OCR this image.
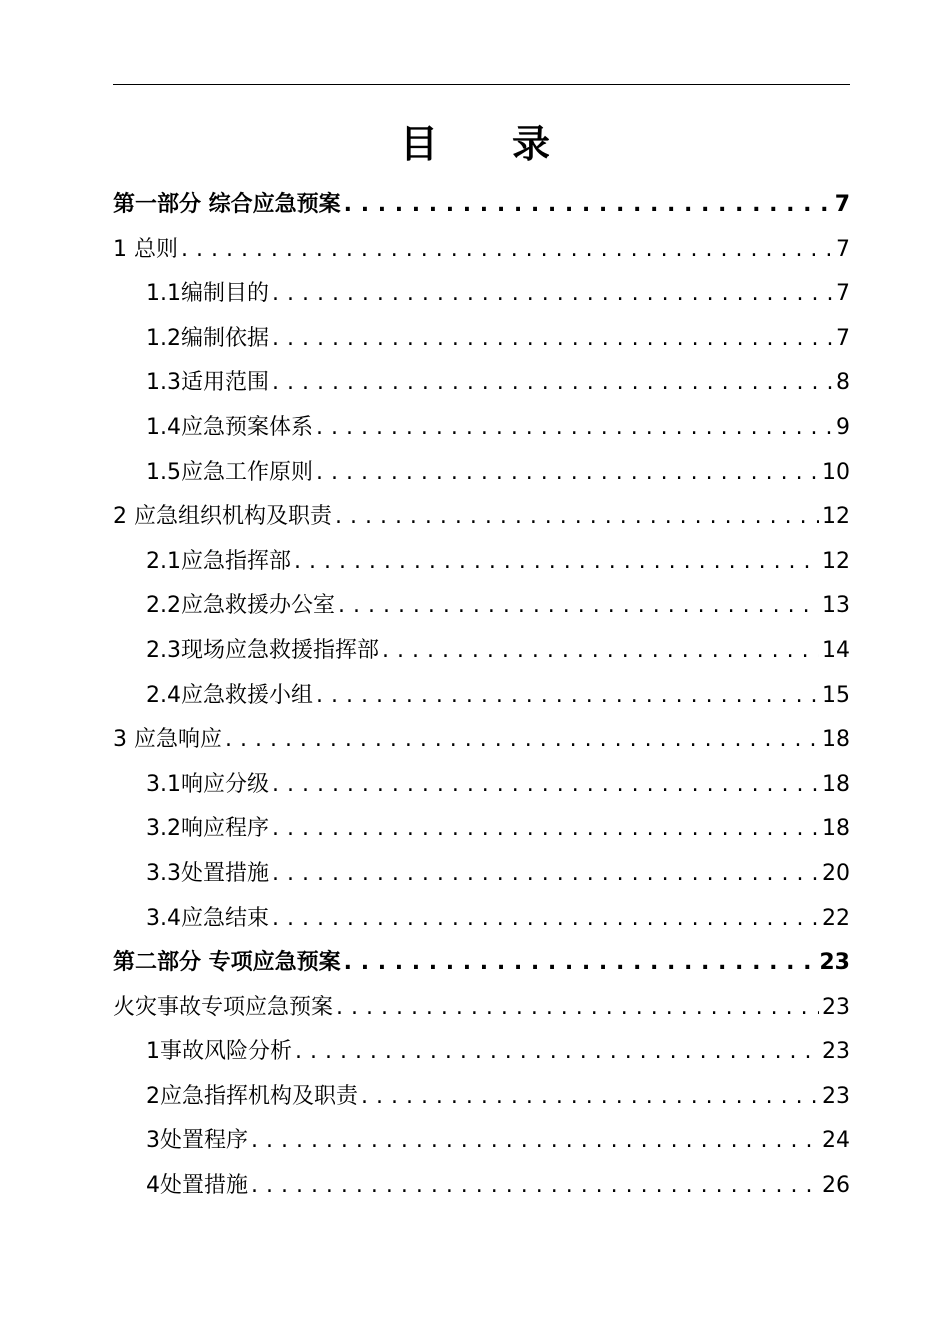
目 录
第一部分 综合应急预案 . . .	7
1 总则 . . .	7
1.1编制目的 . . .	7
1.2编制依据 . . .	7
1.3适用范围 . . .	8
1.4应急预案体系 . . .	9
1.5应急工作原则 . . .	10
2 应急组织机构及职责 . . .	12
2.1应急指挥部 . . .	12
2.2应急救援办公室 . . .	13
2.3现场应急救援指挥部 . . .	14
2.4应急救援小组 . . .	15
3 应急响应 . . .	18
3.1响应分级 . . .	18
3.2响应程序 . . .	18
3.3处置措施 . . .	20
3.4应急结束 . . .	22
第二部分 专项应急预案 . . .	23
火灾事故专项应急预案 . . .	23
1事故风险分析 . . .	23
2应急指挥机构及职责 . . .	23
3处置程序 . . .	24
4处置措施 . . .	26
